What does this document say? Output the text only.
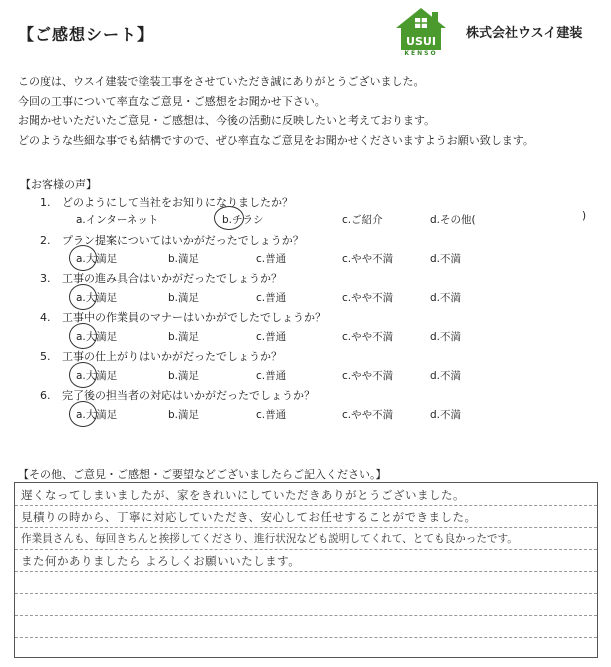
【ご感想シート】	USUI
KENSO
株式会社ウスイ建装
この度は、ウスイ建装で塗装工事をさせていただき誠にありがとうございました。
今回の工事について率直なご意見・ご感想をお聞かせ下さい。
お聞かせいただいたご意見・ご感想は、今後の活動に反映したいと考えております。
どのような些細な事でも結構ですので、ぜひ率直なご意見をお聞かせくださいますようお願い致します。
【お客様の声】
1. どのようにして当社をお知りになりましたか？
a.インターネット	b.チラシ	c.ご紹介	d.その他(	)
2. プラン提案についてはいかがだったでしょうか？
a.大満足	b.満足	c.普通	c.やや不満	d.不満
3. 工事の進み具合はいかがだったでしょうか？
a.大満足	b.満足	c.普通	c.やや不満	d.不満
4. 工事中の作業員のマナーはいかがでしたでしょうか？
a.大満足	b.満足	c.普通	c.やや不満	d.不満
5. 工事の仕上がりはいかがだったでしょうか？
a.大満足	b.満足	c.普通	c.やや不満	d.不満
6. 完了後の担当者の対応はいかがだったでしょうか？
a.大満足	b.満足	c.普通	c.やや不満	d.不満
【その他、ご意見・ご感想・ご要望などございましたらご記入ください。】
遅くなってしまいましたが、家をきれいにしていただきありがとうございました。
見積りの時から、丁寧に対応していただき、安心してお任せすることができました。
作業員さんも、毎回きちんと挨拶してくださり、進行状況なども説明してくれて、とても良かったです。
また何かありましたら よろしくお願いいたします。
